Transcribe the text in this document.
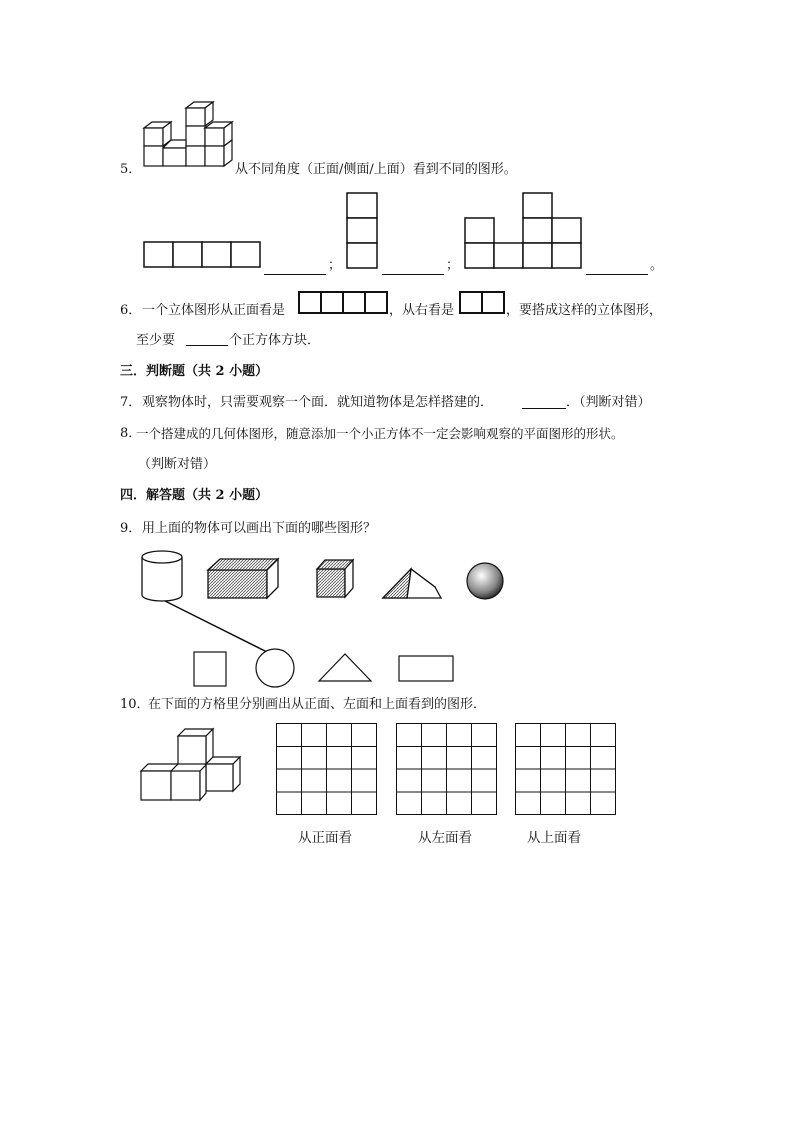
5．	从不同角度（正面/侧面/上面）看到不同的图形。
；	；	。
6． 一个立体图形从正面看是	，从右看是	，要搭成这样的立体图形，
至少要	个正方体方块．
三．判断题（共 2 小题）
7． 观察物体时，只需要观察一个面．就知道物体是怎样搭建的．	．（判断对错）
8．
一个搭建成的几何体图形，随意添加一个小正方体不一定会影响观察的平面图形的形状。
（判断对错）
四．解答题（共 2 小题）
9． 用上面的物体可以画出下面的哪些图形？
10．
在下面的方格里分别画出从正面、左面和上面看到的图形．
从正面看	从左面看	从上面看
